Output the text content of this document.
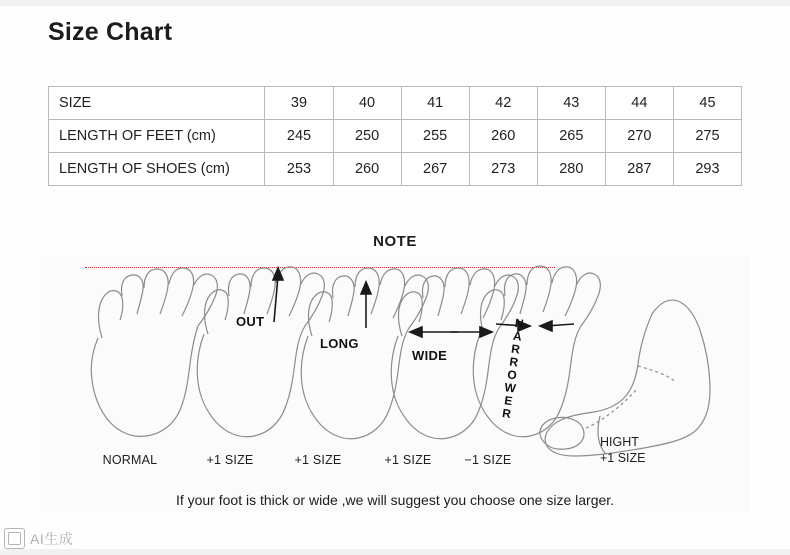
Size Chart
SIZE	39	40	41	42	43	44	45
LENGTH OF FEET (cm)	245	250	255	260	265	270	275
LENGTH OF SHOES (cm)	253	260	267	273	280	287	293
NOTE
OUT
LONG
WIDE	NARROWER
NORMAL	+1 SIZE	+1 SIZE	+1 SIZE	−1 SIZE
HIGHT
+1 SIZE
If your foot is thick or wide ,we will suggest you choose one size larger.
AI生成
